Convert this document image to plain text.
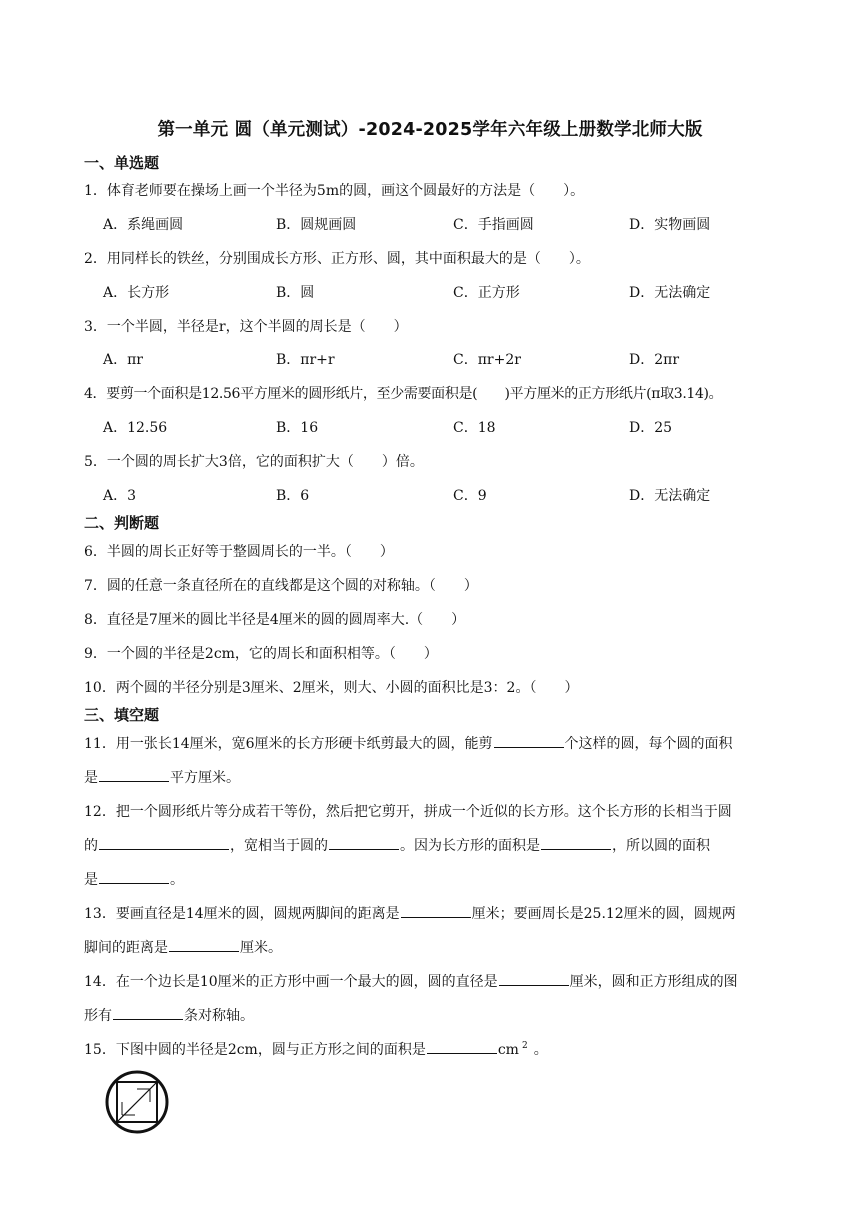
第一单元 圆（单元测试）-2024-2025学年六年级上册数学北师大版
一、单选题
1．体育老师要在操场上画一个半径为5m的圆，画这个圆最好的方法是（　　）。
A．系绳画圆	B．圆规画圆	C．手指画圆	D．实物画圆
2．用同样长的铁丝，分别围成长方形、正方形、圆，其中面积最大的是（　　）。
A．长方形	B．圆	C．正方形	D．无法确定
3．一个半圆，半径是r，这个半圆的周长是（　　）
A．πr	B．πr+r	C．πr+2r	D．2πr
4．要剪一个面积是12.56平方厘米的圆形纸片，至少需要面积是(　　)平方厘米的正方形纸片(π取3.14)。
A．12.56	B．16	C．18	D．25
5．一个圆的周长扩大3倍，它的面积扩大（　　）倍。
A．3	B．6	C．9	D．无法确定
二、判断题
6．半圆的周长正好等于整圆周长的一半。（　　）
7．圆的任意一条直径所在的直线都是这个圆的对称轴。（　　）
8．直径是7厘米的圆比半径是4厘米的圆的圆周率大.（　　）
9．一个圆的半径是2cm，它的周长和面积相等。（　　）
10．两个圆的半径分别是3厘米、2厘米，则大、小圆的面积比是3：2。（　　）
三、填空题
11．用一张长14厘米，宽6厘米的长方形硬卡纸剪最大的圆，能剪	个这样的圆，每个圆的面积
是	平方厘米。
12．把一个圆形纸片等分成若干等份，然后把它剪开，拼成一个近似的长方形。这个长方形的长相当于圆
的	，宽相当于圆的	。因为长方形的面积是	，所以圆的面积
是	。
13．要画直径是14厘米的圆，圆规两脚间的距离是	厘米；要画周长是25.12厘米的圆，圆规两
脚间的距离是	厘米。
14．在一个边长是10厘米的正方形中画一个最大的圆，圆的直径是	厘米，圆和正方形组成的图
形有	条对称轴。
15．下图中圆的半径是2cm，圆与正方形之间的面积是	cm $^2$ 。
